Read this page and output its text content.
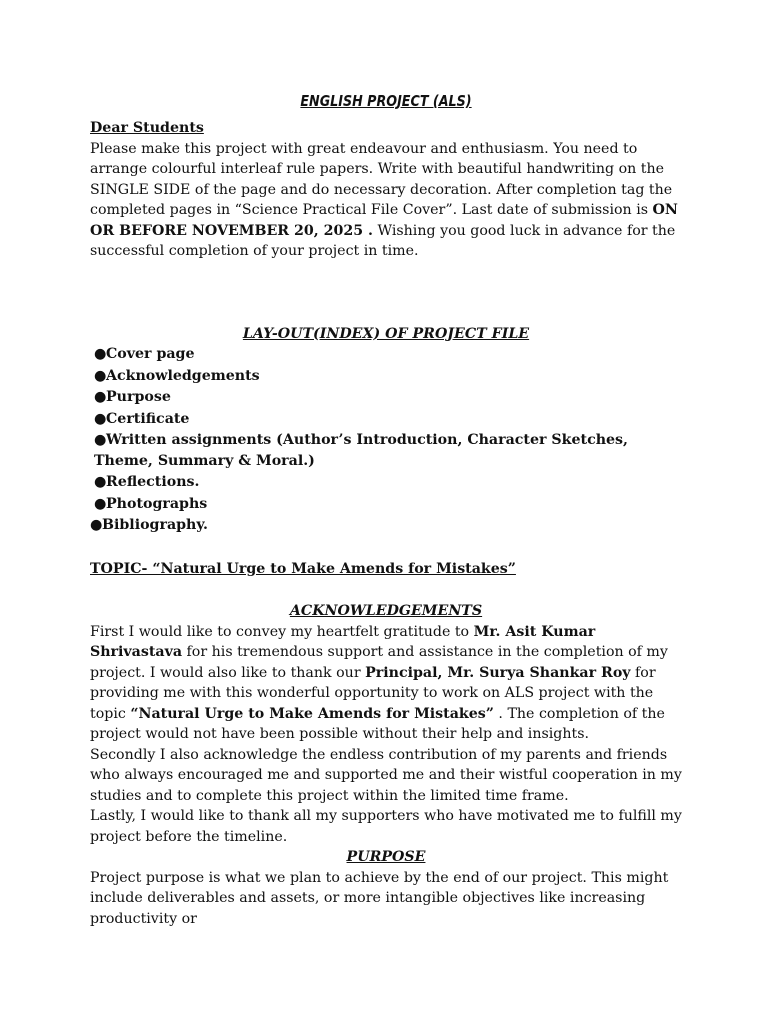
ENGLISH PROJECT (ALS)
Dear Students

Please make this project with great endeavour and enthusiasm. You need to arrange colourful interleaf rule papers. Write with beautiful handwriting on the SINGLE SIDE of the page and do necessary decoration. After completion tag the completed pages in “Science Practical File Cover”. Last date of submission is ON OR BEFORE NOVEMBER 20, 2025 . Wishing you good luck in advance for the successful completion of your project in time.

LAY-OUT(INDEX) OF PROJECT FILE
●Cover page
●Acknowledgements
●Purpose
●Certificate
●Written assignments (Author’s Introduction, Character Sketches, Theme, Summary & Moral.)
●Reflections.
●Photographs
●Bibliography.
TOPIC- “Natural Urge to Make Amends for Mistakes”
ACKNOWLEDGEMENTS

First I would like to convey my heartfelt gratitude to Mr. Asit Kumar Shrivastava for his tremendous support and assistance in the completion of my project. I would also like to thank our Principal, Mr. Surya Shankar Roy for providing me with this wonderful opportunity to work on ALS project with the topic “Natural Urge to Make Amends for Mistakes” . The completion of the project would not have been possible without their help and insights.

Secondly I also acknowledge the endless contribution of my parents and friends who always encouraged me and supported me and their wistful cooperation in my studies and to complete this project within the limited time frame.

Lastly, I would like to thank all my supporters who have motivated me to fulfill my project before the timeline.

PURPOSE

Project purpose is what we plan to achieve by the end of our project. This might include deliverables and assets, or more intangible objectives like increasing productivity or
